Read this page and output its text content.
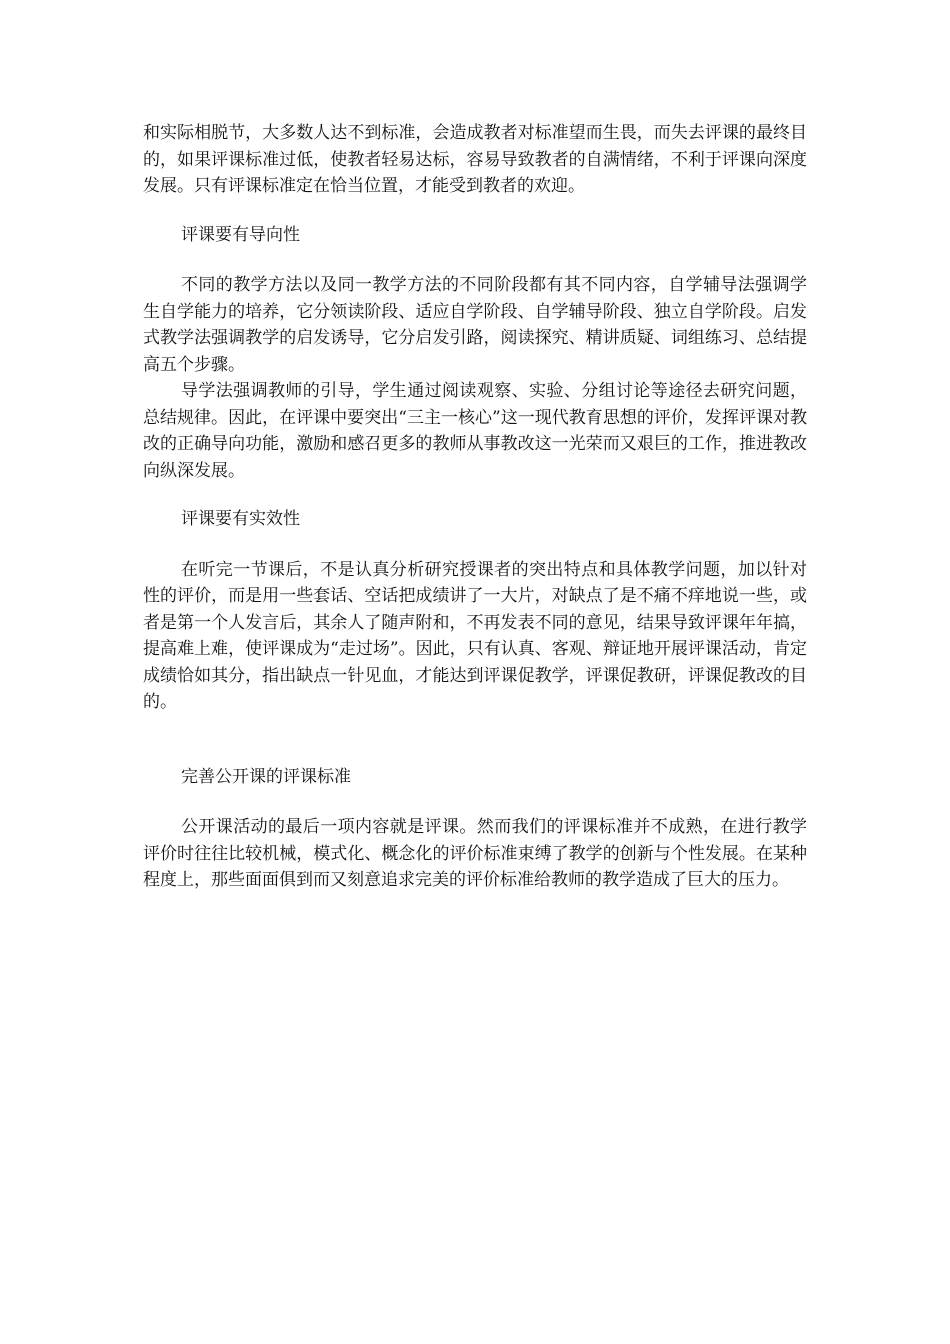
和实际相脱节，大多数人达不到标准，会造成教者对标准望而生畏，而失去评课的最终目的，如果评课标准过低，使教者轻易达标，容易导致教者的自满情绪，不利于评课向深度发展。只有评课标准定在恰当位置，才能受到教者的欢迎。

评课要有导向性

不同的教学方法以及同一教学方法的不同阶段都有其不同内容，自学辅导法强调学生自学能力的培养，它分领读阶段、适应自学阶段、自学辅导阶段、独立自学阶段。启发式教学法强调教学的启发诱导，它分启发引路，阅读探究、精讲质疑、词组练习、总结提高五个步骤。

导学法强调教师的引导，学生通过阅读观察、实验、分组讨论等途径去研究问题，总结规律。因此，在评课中要突出“三主一核心”这一现代教育思想的评价，发挥评课对教改的正确导向功能，激励和感召更多的教师从事教改这一光荣而又艰巨的工作，推进教改向纵深发展。

评课要有实效性

在听完一节课后，不是认真分析研究授课者的突出特点和具体教学问题，加以针对性的评价，而是用一些套话、空话把成绩讲了一大片，对缺点了是不痛不痒地说一些，或者是第一个人发言后，其余人了随声附和，不再发表不同的意见，结果导致评课年年搞，提高难上难，使评课成为“走过场”。因此，只有认真、客观、辩证地开展评课活动，肯定成绩恰如其分，指出缺点一针见血，才能达到评课促教学，评课促教研，评课促教改的目的。

完善公开课的评课标准

公开课活动的最后一项内容就是评课。然而我们的评课标准并不成熟，在进行教学评价时往往比较机械，模式化、概念化的评价标准束缚了教学的创新与个性发展。在某种程度上，那些面面俱到而又刻意追求完美的评价标准给教师的教学造成了巨大的压力。
